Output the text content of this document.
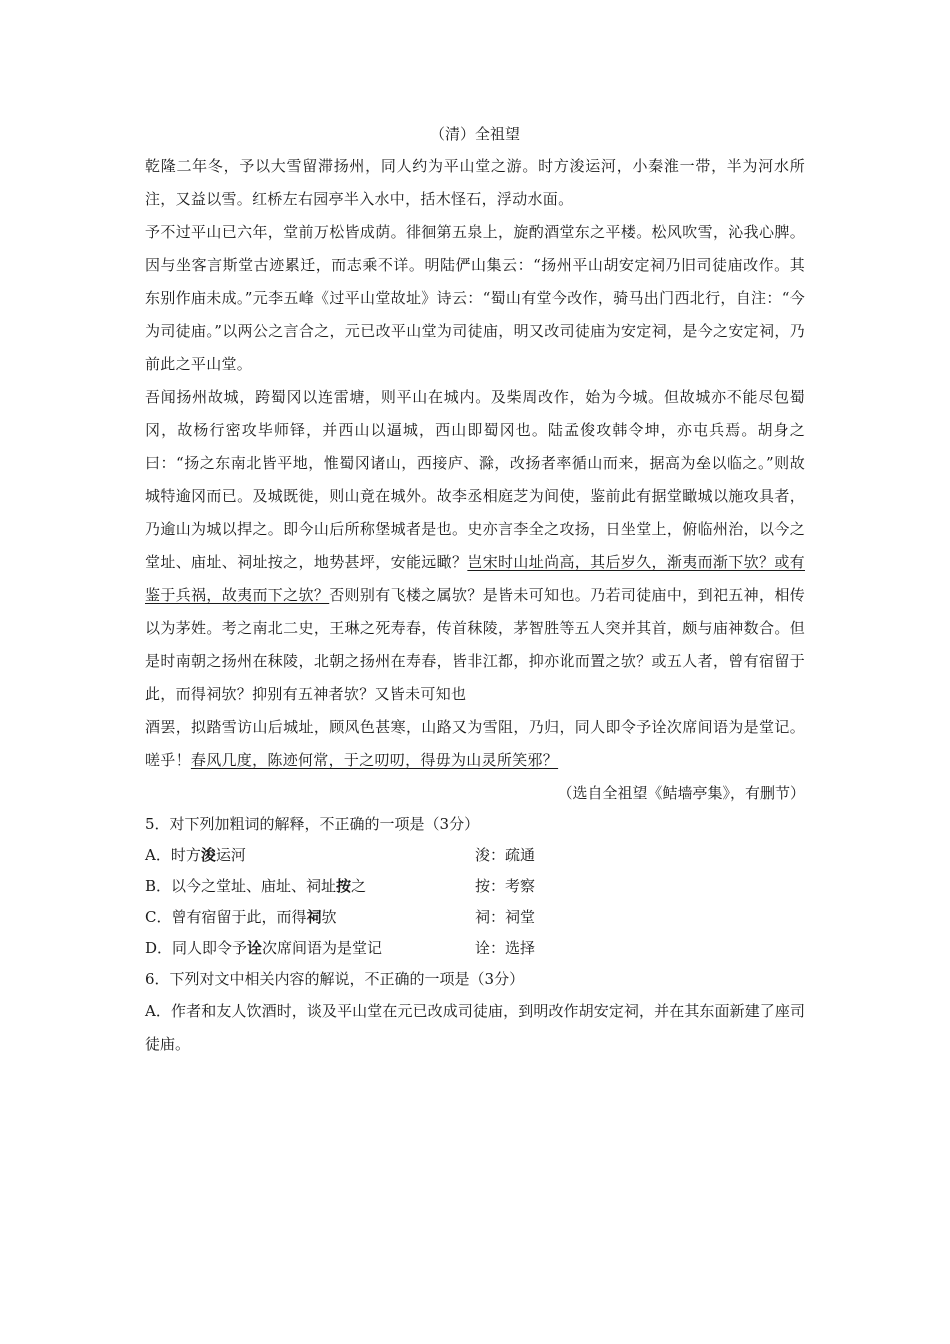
（清）全祖望

乾隆二年冬，予以大雪留滞扬州，同人约为平山堂之游。时方浚运河，小秦淮一带，半为河水所注，又益以雪。红桥左右园亭半入水中，括木怪石，浮动水面。

予不过平山已六年，堂前万松皆成荫。徘徊第五泉上，旋酌酒堂东之平楼。松风吹雪，沁我心脾。因与坐客言斯堂古迹累迁，而志乘不详。明陆俨山集云：“扬州平山胡安定祠乃旧司徒庙改作。其东别作庙未成。”元李五峰《过平山堂故址》诗云：“蜀山有堂今改作，骑马出门西北行，自注：“今为司徒庙。”以两公之言合之，元已改平山堂为司徒庙，明又改司徒庙为安定祠，是今之安定祠，乃前此之平山堂。

吾闻扬州故城，跨蜀冈以连雷塘，则平山在城内。及柴周改作，始为今城。但故城亦不能尽包蜀冈，故杨行密攻毕师铎，并西山以逼城，西山即蜀冈也。陆孟俊攻韩令坤，亦屯兵焉。胡身之曰：“扬之东南北皆平地，惟蜀冈诸山，西接庐、滁，改扬者率循山而来，据高为垒以临之。”则故城特逾冈而已。及城既徙，则山竟在城外。故李丞相庭芝为间使，鉴前此有据堂瞰城以施攻具者，乃逾山为城以捍之。即今山后所称堡城者是也。史亦言李全之攻扬，日坐堂上，俯临州治，以今之堂址、庙址、祠址按之，地势甚坪，安能远瞰？岂宋时山址尚高，其后岁久，渐夷而渐下欤？或有鉴于兵祸，故夷而下之欤？否则别有飞楼之属欤？是皆未可知也。乃若司徒庙中，到祀五神，相传以为茅姓。考之南北二史，王琳之死寿春，传首秣陵，茅智胜等五人突并其首，颇与庙神数合。但是时南朝之扬州在秣陵，北朝之扬州在寿春，皆非江都，抑亦讹而置之欤？或五人者，曾有宿留于此，而得祠欤？抑别有五神者欤？又皆未可知也

酒罢，拟踏雪访山后城址，顾风色甚寒，山路又为雪阻，乃归，同人即令予诠次席间语为是堂记。嗟乎！春风几度，陈迹何常，于之叨叨，得毋为山灵所笑邪？

（选自全祖望《鲒墙亭集》，有删节）

5．对下列加粗词的解释，不正确的一项是（3分）

A．时方浚运河	浚：疏通
B．以今之堂址、庙址、祠址按之	按：考察
C．曾有宿留于此，而得祠欤	祠：祠堂
D．同人即令予诠次席间语为是堂记	诠：选择

6．下列对文中相关内容的解说，不正确的一项是（3分）

A．作者和友人饮酒时，谈及平山堂在元已改成司徒庙，到明改作胡安定祠，并在其东面新建了座司徒庙。
